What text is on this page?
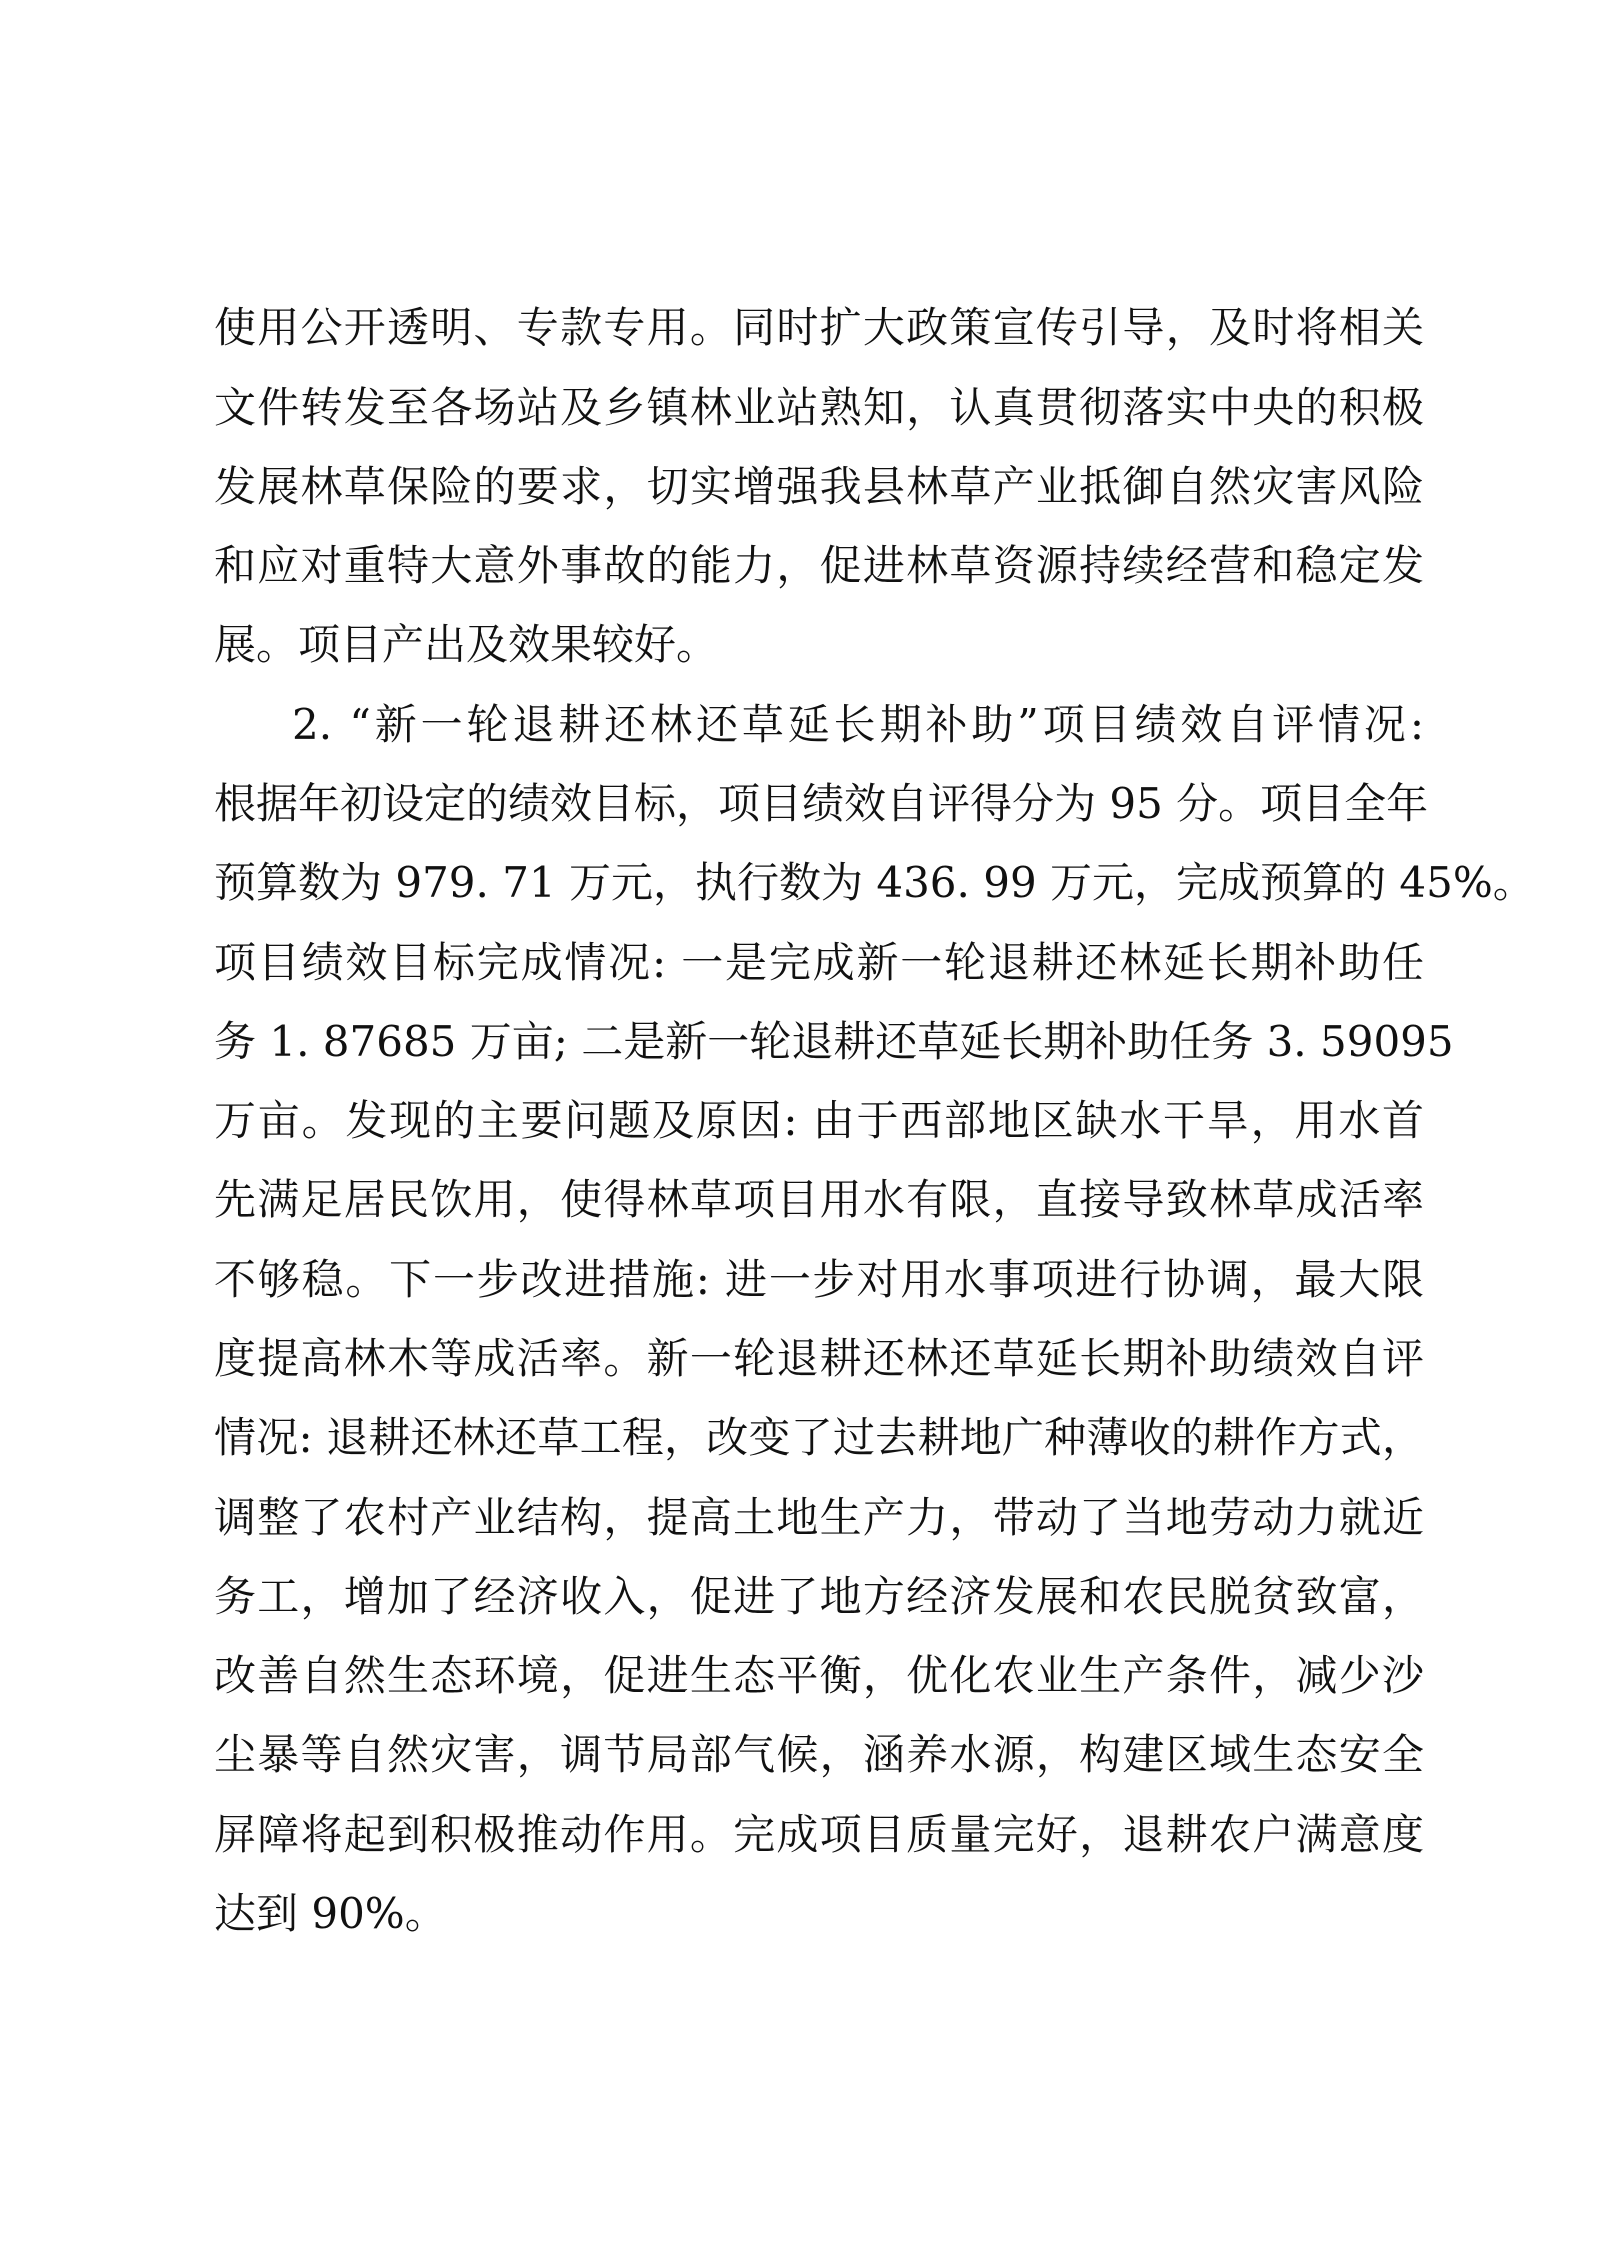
使用公开透明、专款专用。同时扩大政策宣传引导，及时将相关
文件转发至各场站及乡镇林业站熟知，认真贯彻落实中央的积极
发展林草保险的要求，切实增强我县林草产业抵御自然灾害风险
和应对重特大意外事故的能力，促进林草资源持续经营和稳定发
展。项目产出及效果较好。
2. “新一轮退耕还林还草延长期补助”项目绩效自评情况:
根据年初设定的绩效目标，项目绩效自评得分为 95 分。项目全年
预算数为 979. 71 万元，执行数为 436. 99 万元，完成预算的 45%。
项目绩效目标完成情况: 一是完成新一轮退耕还林延长期补助任
务 1. 87685 万亩; 二是新一轮退耕还草延长期补助任务 3. 59095
万亩。发现的主要问题及原因: 由于西部地区缺水干旱，用水首
先满足居民饮用，使得林草项目用水有限，直接导致林草成活率
不够稳。下一步改进措施: 进一步对用水事项进行协调，最大限
度提高林木等成活率。新一轮退耕还林还草延长期补助绩效自评
情况: 退耕还林还草工程，改变了过去耕地广种薄收的耕作方式，
调整了农村产业结构，提高土地生产力，带动了当地劳动力就近
务工，增加了经济收入，促进了地方经济发展和农民脱贫致富，
改善自然生态环境，促进生态平衡，优化农业生产条件，减少沙
尘暴等自然灾害，调节局部气候，涵养水源，构建区域生态安全
屏障将起到积极推动作用。完成项目质量完好，退耕农户满意度
达到 90%。
